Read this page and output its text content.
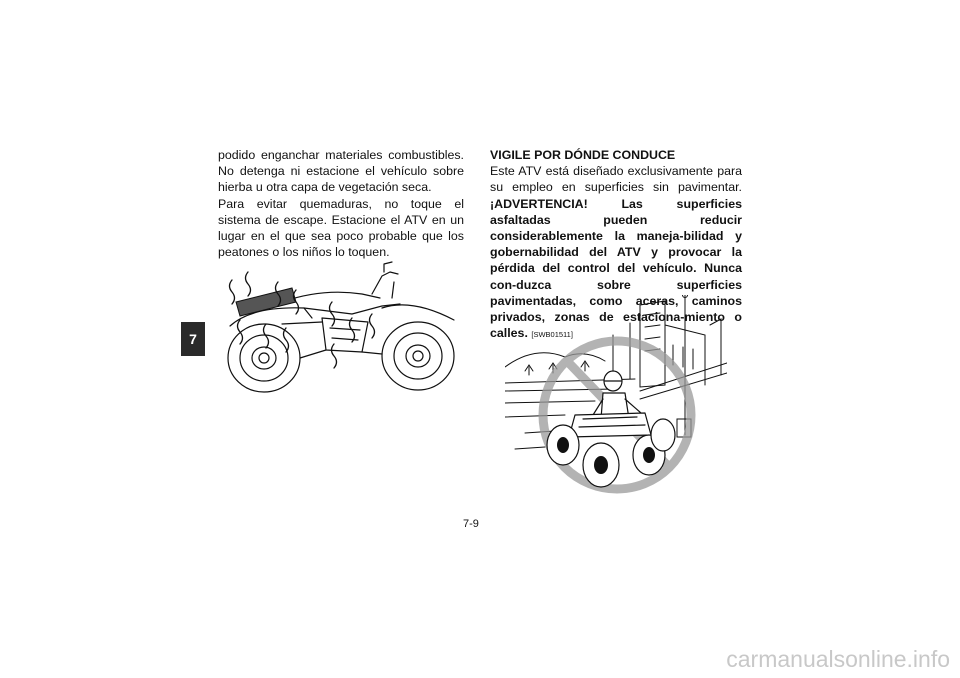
7

podido enganchar materiales combustibles. No detenga ni estacione el vehículo sobre hierba u otra capa de vegetación seca.

Para evitar quemaduras, no toque el sistema de escape. Estacione el ATV en un lugar en el que sea poco probable que los peatones o los niños lo toquen.

VIGILE POR DÓNDE CONDUCE

Este ATV está diseñado exclusivamente para su empleo en superficies sin pavimentar. ¡ADVERTENCIA! Las superficies asfaltadas pueden reducir considerablemente la maneja-bilidad y gobernabilidad del ATV y provocar la pérdida del control del vehículo. Nunca con-duzca sobre superficies pavimentadas, como aceras, caminos privados, zonas de estaciona-miento o calles. [SWB01511]

7-9
carmanualsonline.info
